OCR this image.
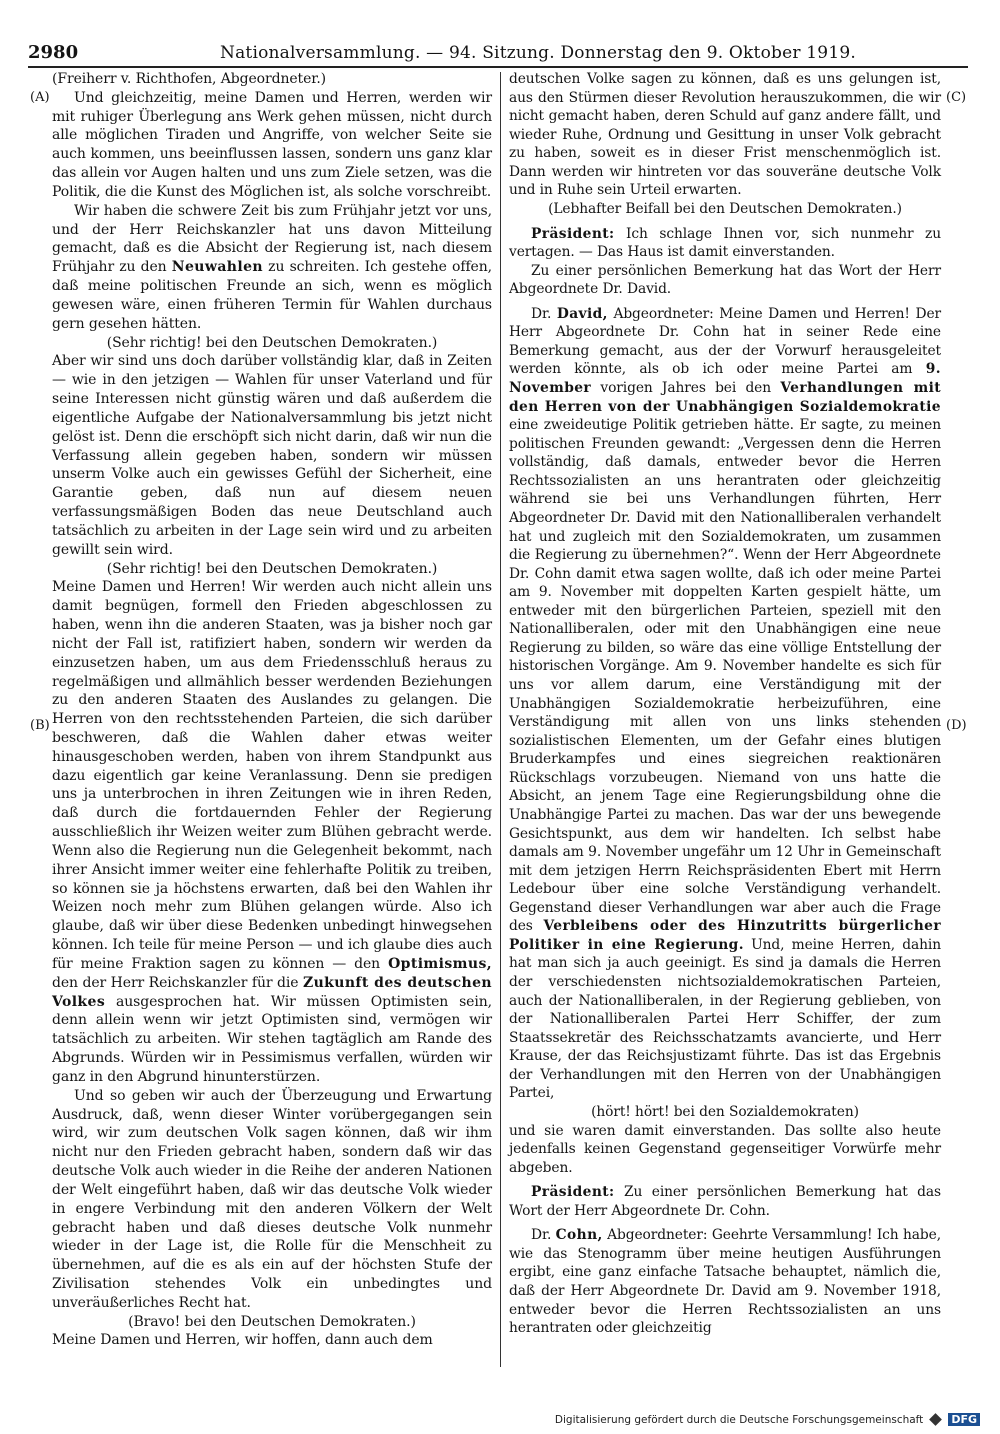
2980	Nationalversammlung. — 94. Sitzung. Donnerstag den 9. Oktober 1919.
(A)
(B)
(C)
(D)

(Freiherr v. Richthofen, Abgeordneter.)

Und gleichzeitig, meine Damen und Herren, werden wir mit ruhiger Überlegung ans Werk gehen müssen, nicht durch alle möglichen Tiraden und Angriffe, von welcher Seite sie auch kommen, uns beeinflussen lassen, sondern uns ganz klar das allein vor Augen halten und uns zum Ziele setzen, was die Politik, die die Kunst des Möglichen ist, als solche vorschreibt.

Wir haben die schwere Zeit bis zum Frühjahr jetzt vor uns, und der Herr Reichskanzler hat uns davon Mitteilung gemacht, daß es die Absicht der Regierung ist, nach diesem Frühjahr zu den Neuwahlen zu schreiten. Ich gestehe offen, daß meine politischen Freunde an sich, wenn es möglich gewesen wäre, einen früheren Termin für Wahlen durchaus gern gesehen hätten.

(Sehr richtig! bei den Deutschen Demokraten.)

Aber wir sind uns doch darüber vollständig klar, daß in Zeiten — wie in den jetzigen — Wahlen für unser Vaterland und für seine Interessen nicht günstig wären und daß außerdem die eigentliche Aufgabe der Nationalversammlung bis jetzt nicht gelöst ist. Denn die erschöpft sich nicht darin, daß wir nun die Verfassung allein gegeben haben, sondern wir müssen unserm Volke auch ein gewisses Gefühl der Sicherheit, eine Garantie geben, daß nun auf diesem neuen verfassungsmäßigen Boden das neue Deutschland auch tatsächlich zu arbeiten in der Lage sein wird und zu arbeiten gewillt sein wird.

(Sehr richtig! bei den Deutschen Demokraten.)

Meine Damen und Herren! Wir werden auch nicht allein uns damit begnügen, formell den Frieden abgeschlossen zu haben, wenn ihn die anderen Staaten, was ja bisher noch gar nicht der Fall ist, ratifiziert haben, sondern wir werden da einzusetzen haben, um aus dem Friedensschluß heraus zu regelmäßigen und allmählich besser werdenden Beziehungen zu den anderen Staaten des Auslandes zu gelangen. Die Herren von den rechtsstehenden Parteien, die sich darüber beschweren, daß die Wahlen daher etwas weiter hinausgeschoben werden, haben von ihrem Standpunkt aus dazu eigentlich gar keine Veranlassung. Denn sie predigen uns ja unterbrochen in ihren Zeitungen wie in ihren Reden, daß durch die fortdauernden Fehler der Regierung ausschließlich ihr Weizen weiter zum Blühen gebracht werde. Wenn also die Regierung nun die Gelegenheit bekommt, nach ihrer Ansicht immer weiter eine fehlerhafte Politik zu treiben, so können sie ja höchstens erwarten, daß bei den Wahlen ihr Weizen noch mehr zum Blühen gelangen würde. Also ich glaube, daß wir über diese Bedenken unbedingt hinwegsehen können. Ich teile für meine Person — und ich glaube dies auch für meine Fraktion sagen zu können — den Optimismus, den der Herr Reichskanzler für die Zukunft des deutschen Volkes ausgesprochen hat. Wir müssen Optimisten sein, denn allein wenn wir jetzt Optimisten sind, vermögen wir tatsächlich zu arbeiten. Wir stehen tagtäglich am Rande des Abgrunds. Würden wir in Pessimismus verfallen, würden wir ganz in den Abgrund hinunterstürzen.

Und so geben wir auch der Überzeugung und Erwartung Ausdruck, daß, wenn dieser Winter vorübergegangen sein wird, wir zum deutschen Volk sagen können, daß wir ihm nicht nur den Frieden gebracht haben, sondern daß wir das deutsche Volk auch wieder in die Reihe der anderen Nationen der Welt eingeführt haben, daß wir das deutsche Volk wieder in engere Verbindung mit den anderen Völkern der Welt gebracht haben und daß dieses deutsche Volk nunmehr wieder in der Lage ist, die Rolle für die Menschheit zu übernehmen, auf die es als ein auf der höchsten Stufe der Zivilisation stehendes Volk ein unbedingtes und unveräußerliches Recht hat.

(Bravo! bei den Deutschen Demokraten.)

Meine Damen und Herren, wir hoffen, dann auch dem

deutschen Volke sagen zu können, daß es uns gelungen ist, aus den Stürmen dieser Revolution herauszukommen, die wir nicht gemacht haben, deren Schuld auf ganz andere fällt, und wieder Ruhe, Ordnung und Gesittung in unser Volk gebracht zu haben, soweit es in dieser Frist menschenmöglich ist. Dann werden wir hintreten vor das souveräne deutsche Volk und in Ruhe sein Urteil erwarten.

(Lebhafter Beifall bei den Deutschen Demokraten.)

Präsident: Ich schlage Ihnen vor, sich nunmehr zu vertagen. — Das Haus ist damit einverstanden.

Zu einer persönlichen Bemerkung hat das Wort der Herr Abgeordnete Dr. David.

Dr. David, Abgeordneter: Meine Damen und Herren! Der Herr Abgeordnete Dr. Cohn hat in seiner Rede eine Bemerkung gemacht, aus der der Vorwurf herausgeleitet werden könnte, als ob ich oder meine Partei am 9. November vorigen Jahres bei den Verhandlungen mit den Herren von der Unabhängigen Sozialdemokratie eine zweideutige Politik getrieben hätte. Er sagte, zu meinen politischen Freunden gewandt: „Vergessen denn die Herren vollständig, daß damals, entweder bevor die Herren Rechtssozialisten an uns herantraten oder gleichzeitig während sie bei uns Verhandlungen führten, Herr Abgeordneter Dr. David mit den Nationalliberalen verhandelt hat und zugleich mit den Sozialdemokraten, um zusammen die Regierung zu übernehmen?“. Wenn der Herr Abgeordnete Dr. Cohn damit etwa sagen wollte, daß ich oder meine Partei am 9. November mit doppelten Karten gespielt hätte, um entweder mit den bürgerlichen Parteien, speziell mit den Nationalliberalen, oder mit den Unabhängigen eine neue Regierung zu bilden, so wäre das eine völlige Entstellung der historischen Vorgänge. Am 9. November handelte es sich für uns vor allem darum, eine Verständigung mit der Unabhängigen Sozialdemokratie herbeizuführen, eine Verständigung mit allen von uns links stehenden sozialistischen Elementen, um der Gefahr eines blutigen Bruderkampfes und eines siegreichen reaktionären Rückschlags vorzubeugen. Niemand von uns hatte die Absicht, an jenem Tage eine Regierungsbildung ohne die Unabhängige Partei zu machen. Das war der uns bewegende Gesichtspunkt, aus dem wir handelten. Ich selbst habe damals am 9. November ungefähr um 12 Uhr in Gemeinschaft mit dem jetzigen Herrn Reichspräsidenten Ebert mit Herrn Ledebour über eine solche Verständigung verhandelt. Gegenstand dieser Verhandlungen war aber auch die Frage des Verbleibens oder des Hinzutritts bürgerlicher Politiker in eine Regierung. Und, meine Herren, dahin hat man sich ja auch geeinigt. Es sind ja damals die Herren der verschiedensten nichtsozialdemokratischen Parteien, auch der Nationalliberalen, in der Regierung geblieben, von der Nationalliberalen Partei Herr Schiffer, der zum Staatssekretär des Reichsschatzamts avancierte, und Herr Krause, der das Reichsjustizamt führte. Das ist das Ergebnis der Verhandlungen mit den Herren von der Unabhängigen Partei,

(hört! hört! bei den Sozialdemokraten)

und sie waren damit einverstanden. Das sollte also heute jedenfalls keinen Gegenstand gegenseitiger Vorwürfe mehr abgeben.

Präsident: Zu einer persönlichen Bemerkung hat das Wort der Herr Abgeordnete Dr. Cohn.

Dr. Cohn, Abgeordneter: Geehrte Versammlung! Ich habe, wie das Stenogramm über meine heutigen Ausführungen ergibt, eine ganz einfache Tatsache behauptet, nämlich die, daß der Herr Abgeordnete Dr. David am 9. November 1918, entweder bevor die Herren Rechtssozialisten an uns herantraten oder gleichzeitig

Digitalisierung gefördert durch die Deutsche Forschungsgemeinschaft	DFG
